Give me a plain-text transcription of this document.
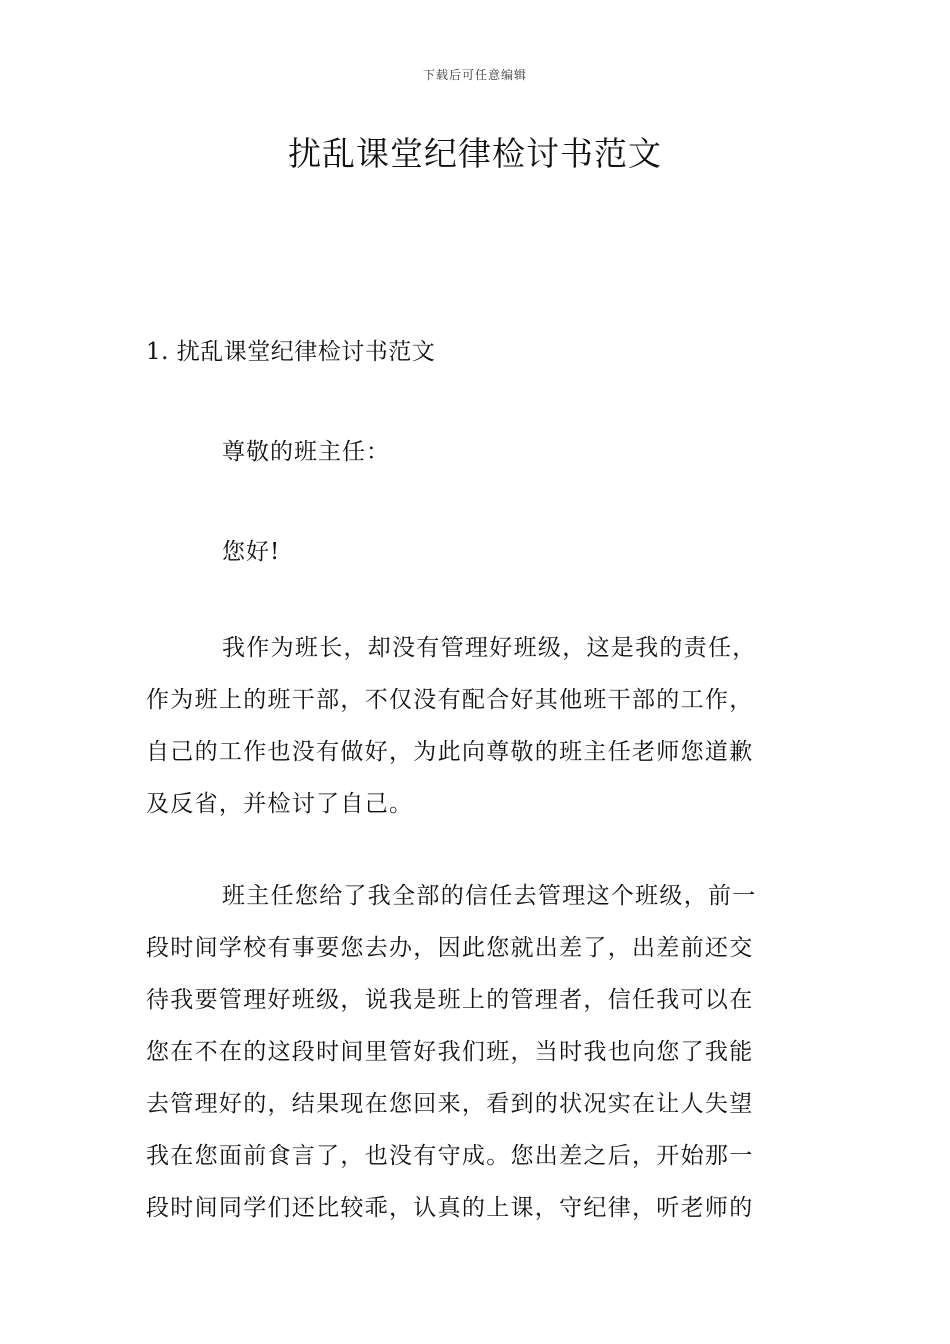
下载后可任意编辑
扰乱课堂纪律检讨书范文
1. 扰乱课堂纪律检讨书范文

尊敬的班主任：

您好!

我作为班长，却没有管理好班级，这是我的责任，
作为班上的班干部，不仅没有配合好其他班干部的工作，
自己的工作也没有做好，为此向尊敬的班主任老师您道歉
及反省，并检讨了自己。
班主任您给了我全部的信任去管理这个班级，前一
段时间学校有事要您去办，因此您就出差了，出差前还交
待我要管理好班级，说我是班上的管理者，信任我可以在
您在不在的这段时间里管好我们班，当时我也向您了我能
去管理好的，结果现在您回来，看到的状况实在让人失望
我在您面前食言了，也没有守成。您出差之后，开始那一
段时间同学们还比较乖，认真的上课，守纪律，听老师的
